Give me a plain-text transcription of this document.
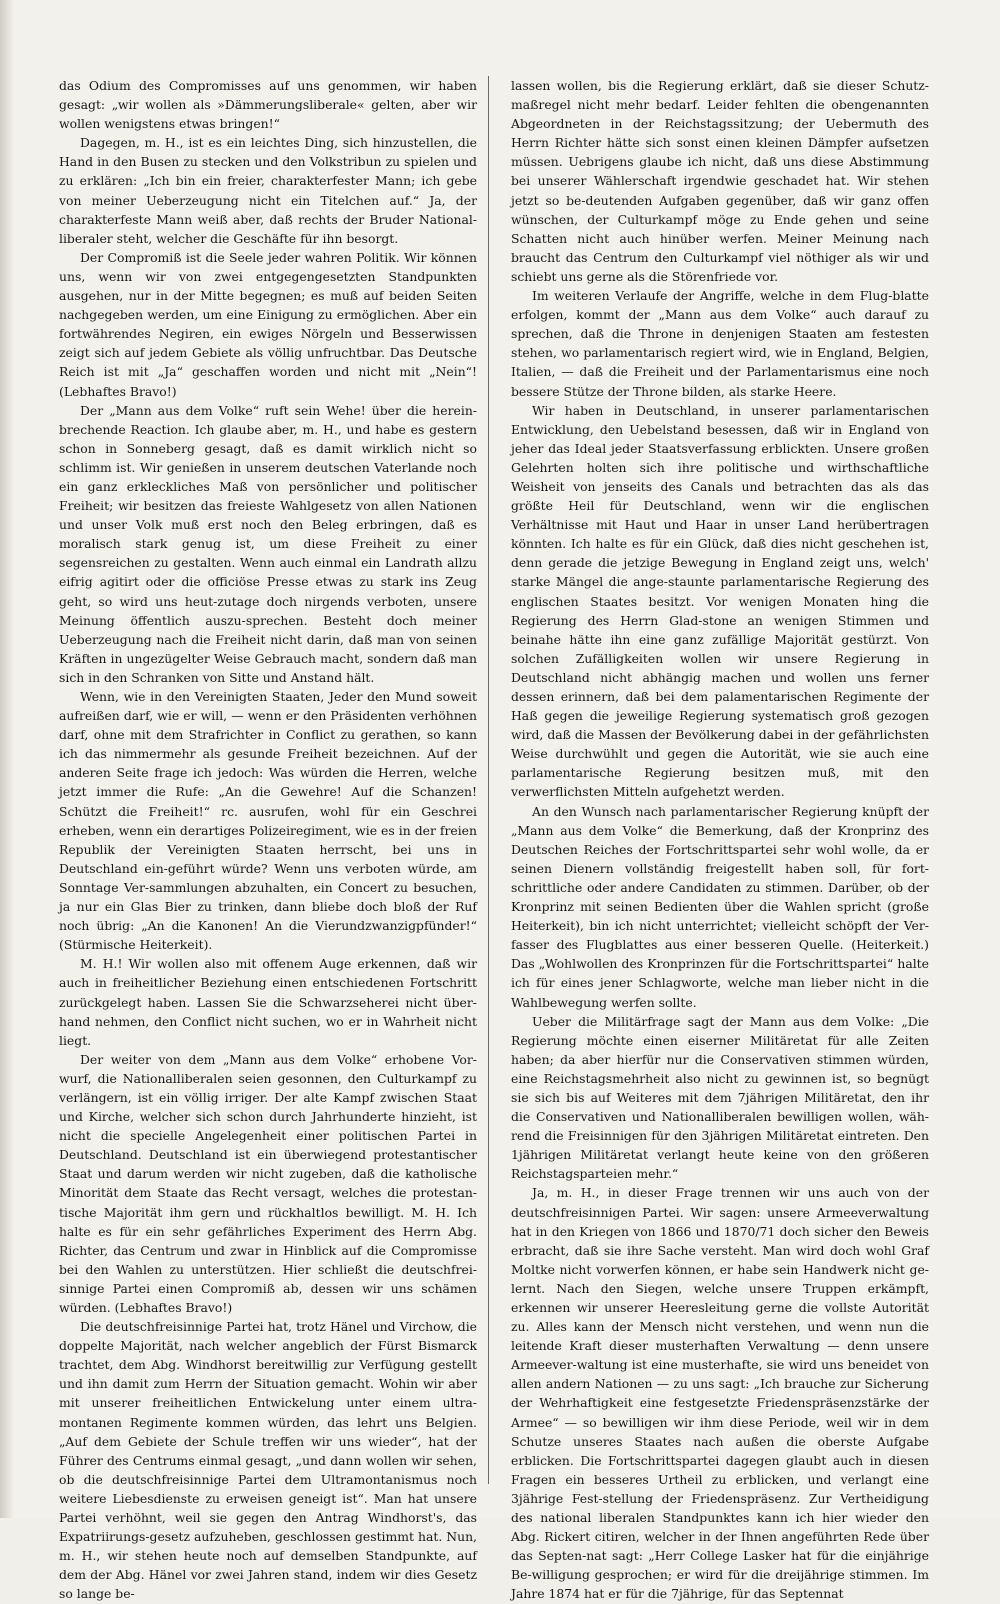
das Odium des Compromisses auf uns genommen, wir haben gesagt: „wir wollen als »Dämmerungsliberale« gelten, aber wir wollen wenigstens etwas bringen!“

Dagegen, m. H., ist es ein leichtes Ding, sich hinzustellen, die Hand in den Busen zu stecken und den Volkstribun zu spielen und zu erklären: „Ich bin ein freier, charakterfester Mann; ich gebe von meiner Ueberzeugung nicht ein Titelchen auf.“ Ja, der charakterfeste Mann weiß aber, daß rechts der Bruder National-liberaler steht, welcher die Geschäfte für ihn besorgt.

Der Compromiß ist die Seele jeder wahren Politik. Wir können uns, wenn wir von zwei entgegengesetzten Standpunkten ausgehen, nur in der Mitte begegnen; es muß auf beiden Seiten nachgegeben werden, um eine Einigung zu ermöglichen. Aber ein fortwährendes Negiren, ein ewiges Nörgeln und Besserwissen zeigt sich auf jedem Gebiete als völlig unfruchtbar. Das Deutsche Reich ist mit „Ja“ geschaffen worden und nicht mit „Nein“! (Lebhaftes Bravo!)

Der „Mann aus dem Volke“ ruft sein Wehe! über die herein-brechende Reaction. Ich glaube aber, m. H., und habe es gestern schon in Sonneberg gesagt, daß es damit wirklich nicht so schlimm ist. Wir genießen in unserem deutschen Vaterlande noch ein ganz erkleckliches Maß von persönlicher und politischer Freiheit; wir besitzen das freieste Wahlgesetz von allen Nationen und unser Volk muß erst noch den Beleg erbringen, daß es moralisch stark genug ist, um diese Freiheit zu einer segensreichen zu gestalten. Wenn auch einmal ein Landrath allzu eifrig agitirt oder die officiöse Presse etwas zu stark ins Zeug geht, so wird uns heut-zutage doch nirgends verboten, unsere Meinung öffentlich auszu-sprechen. Besteht doch meiner Ueberzeugung nach die Freiheit nicht darin, daß man von seinen Kräften in ungezügelter Weise Gebrauch macht, sondern daß man sich in den Schranken von Sitte und Anstand hält.

Wenn, wie in den Vereinigten Staaten, Jeder den Mund soweit aufreißen darf, wie er will, — wenn er den Präsidenten verhöhnen darf, ohne mit dem Strafrichter in Conflict zu gerathen, so kann ich das nimmermehr als gesunde Freiheit bezeichnen. Auf der anderen Seite frage ich jedoch: Was würden die Herren, welche jetzt immer die Rufe: „An die Gewehre! Auf die Schanzen! Schützt die Freiheit!“ rc. ausrufen, wohl für ein Geschrei erheben, wenn ein derartiges Polizeiregiment, wie es in der freien Republik der Vereinigten Staaten herrscht, bei uns in Deutschland ein-geführt würde? Wenn uns verboten würde, am Sonntage Ver-sammlungen abzuhalten, ein Concert zu besuchen, ja nur ein Glas Bier zu trinken, dann bliebe doch bloß der Ruf noch übrig: „An die Kanonen! An die Vierundzwanzigpfünder!“ (Stürmische Heiterkeit).

M. H.! Wir wollen also mit offenem Auge erkennen, daß wir auch in freiheitlicher Beziehung einen entschiedenen Fortschritt zurückgelegt haben. Lassen Sie die Schwarzseherei nicht über-hand nehmen, den Conflict nicht suchen, wo er in Wahrheit nicht liegt.

Der weiter von dem „Mann aus dem Volke“ erhobene Vor-wurf, die Nationalliberalen seien gesonnen, den Culturkampf zu verlängern, ist ein völlig irriger. Der alte Kampf zwischen Staat und Kirche, welcher sich schon durch Jahrhunderte hinzieht, ist nicht die specielle Angelegenheit einer politischen Partei in Deutschland. Deutschland ist ein überwiegend protestantischer Staat und darum werden wir nicht zugeben, daß die katholische Minorität dem Staate das Recht versagt, welches die protestan-tische Majorität ihm gern und rückhaltlos bewilligt. M. H. Ich halte es für ein sehr gefährliches Experiment des Herrn Abg. Richter, das Centrum und zwar in Hinblick auf die Compromisse bei den Wahlen zu unterstützen. Hier schließt die deutschfrei-sinnige Partei einen Compromiß ab, dessen wir uns schämen würden. (Lebhaftes Bravo!)

Die deutschfreisinnige Partei hat, trotz Hänel und Virchow, die doppelte Majorität, nach welcher angeblich der Fürst Bismarck trachtet, dem Abg. Windhorst bereitwillig zur Verfügung gestellt und ihn damit zum Herrn der Situation gemacht. Wohin wir aber mit unserer freiheitlichen Entwickelung unter einem ultra-montanen Regimente kommen würden, das lehrt uns Belgien. „Auf dem Gebiete der Schule treffen wir uns wieder“, hat der Führer des Centrums einmal gesagt, „und dann wollen wir sehen, ob die deutschfreisinnige Partei dem Ultramontanismus noch weitere Liebesdienste zu erweisen geneigt ist“. Man hat unsere Partei verhöhnt, weil sie gegen den Antrag Windhorst's, das Expatriirungs-gesetz aufzuheben, geschlossen gestimmt hat. Nun, m. H., wir stehen heute noch auf demselben Standpunkte, auf dem der Abg. Hänel vor zwei Jahren stand, indem wir dies Gesetz so lange be-

lassen wollen, bis die Regierung erklärt, daß sie dieser Schutz-maßregel nicht mehr bedarf. Leider fehlten die obengenannten Abgeordneten in der Reichstagssitzung; der Uebermuth des Herrn Richter hätte sich sonst einen kleinen Dämpfer aufsetzen müssen. Uebrigens glaube ich nicht, daß uns diese Abstimmung bei unserer Wählerschaft irgendwie geschadet hat. Wir stehen jetzt so be-deutenden Aufgaben gegenüber, daß wir ganz offen wünschen, der Culturkampf möge zu Ende gehen und seine Schatten nicht auch hinüber werfen. Meiner Meinung nach braucht das Centrum den Culturkampf viel nöthiger als wir und schiebt uns gerne als die Störenfriede vor.

Im weiteren Verlaufe der Angriffe, welche in dem Flug-blatte erfolgen, kommt der „Mann aus dem Volke“ auch darauf zu sprechen, daß die Throne in denjenigen Staaten am festesten stehen, wo parlamentarisch regiert wird, wie in England, Belgien, Italien, — daß die Freiheit und der Parlamentarismus eine noch bessere Stütze der Throne bilden, als starke Heere.

Wir haben in Deutschland, in unserer parlamentarischen Entwicklung, den Uebelstand besessen, daß wir in England von jeher das Ideal jeder Staatsverfassung erblickten. Unsere großen Gelehrten holten sich ihre politische und wirthschaftliche Weisheit von jenseits des Canals und betrachten das als das größte Heil für Deutschland, wenn wir die englischen Verhältnisse mit Haut und Haar in unser Land herübertragen könnten. Ich halte es für ein Glück, daß dies nicht geschehen ist, denn gerade die jetzige Bewegung in England zeigt uns, welch' starke Mängel die ange-staunte parlamentarische Regierung des englischen Staates besitzt. Vor wenigen Monaten hing die Regierung des Herrn Glad-stone an wenigen Stimmen und beinahe hätte ihn eine ganz zufällige Majorität gestürzt. Von solchen Zufälligkeiten wollen wir unsere Regierung in Deutschland nicht abhängig machen und wollen uns ferner dessen erinnern, daß bei dem palamentarischen Regimente der Haß gegen die jeweilige Regierung systematisch groß gezogen wird, daß die Massen der Bevölkerung dabei in der gefährlichsten Weise durchwühlt und gegen die Autorität, wie sie auch eine parlamentarische Regierung besitzen muß, mit den verwerflichsten Mitteln aufgehetzt werden.

An den Wunsch nach parlamentarischer Regierung knüpft der „Mann aus dem Volke“ die Bemerkung, daß der Kronprinz des Deutschen Reiches der Fortschrittspartei sehr wohl wolle, da er seinen Dienern vollständig freigestellt haben soll, für fort-schrittliche oder andere Candidaten zu stimmen. Darüber, ob der Kronprinz mit seinen Bedienten über die Wahlen spricht (große Heiterkeit), bin ich nicht unterrichtet; vielleicht schöpft der Ver-fasser des Flugblattes aus einer besseren Quelle. (Heiterkeit.) Das „Wohlwollen des Kronprinzen für die Fortschrittspartei“ halte ich für eines jener Schlagworte, welche man lieber nicht in die Wahlbewegung werfen sollte.

Ueber die Militärfrage sagt der Mann aus dem Volke: „Die Regierung möchte einen eiserner Militäretat für alle Zeiten haben; da aber hierfür nur die Conservativen stimmen würden, eine Reichstagsmehrheit also nicht zu gewinnen ist, so begnügt sie sich bis auf Weiteres mit dem 7jährigen Militäretat, den ihr die Conservativen und Nationalliberalen bewilligen wollen, wäh-rend die Freisinnigen für den 3jährigen Militäretat eintreten. Den 1jährigen Militäretat verlangt heute keine von den größeren Reichstagsparteien mehr.“

Ja, m. H., in dieser Frage trennen wir uns auch von der deutschfreisinnigen Partei. Wir sagen: unsere Armeeverwaltung hat in den Kriegen von 1866 und 1870/71 doch sicher den Beweis erbracht, daß sie ihre Sache versteht. Man wird doch wohl Graf Moltke nicht vorwerfen können, er habe sein Handwerk nicht ge-lernt. Nach den Siegen, welche unsere Truppen erkämpft, erkennen wir unserer Heeresleitung gerne die vollste Autorität zu. Alles kann der Mensch nicht verstehen, und wenn nun die leitende Kraft dieser musterhaften Verwaltung — denn unsere Armeever-waltung ist eine musterhafte, sie wird uns beneidet von allen andern Nationen — zu uns sagt: „Ich brauche zur Sicherung der Wehrhaftigkeit eine festgesetzte Friedenspräsenzstärke der Armee“ — so bewilligen wir ihm diese Periode, weil wir in dem Schutze unseres Staates nach außen die oberste Aufgabe erblicken. Die Fortschrittspartei dagegen glaubt auch in diesen Fragen ein besseres Urtheil zu erblicken, und verlangt eine 3jährige Fest-stellung der Friedenspräsenz. Zur Vertheidigung des national liberalen Standpunktes kann ich hier wieder den Abg. Rickert citiren, welcher in der Ihnen angeführten Rede über das Septen-nat sagt: „Herr College Lasker hat für die einjährige Be-willigung gesprochen; er wird für die dreijährige stimmen. Im Jahre 1874 hat er für die 7jährige, für das Septennat
